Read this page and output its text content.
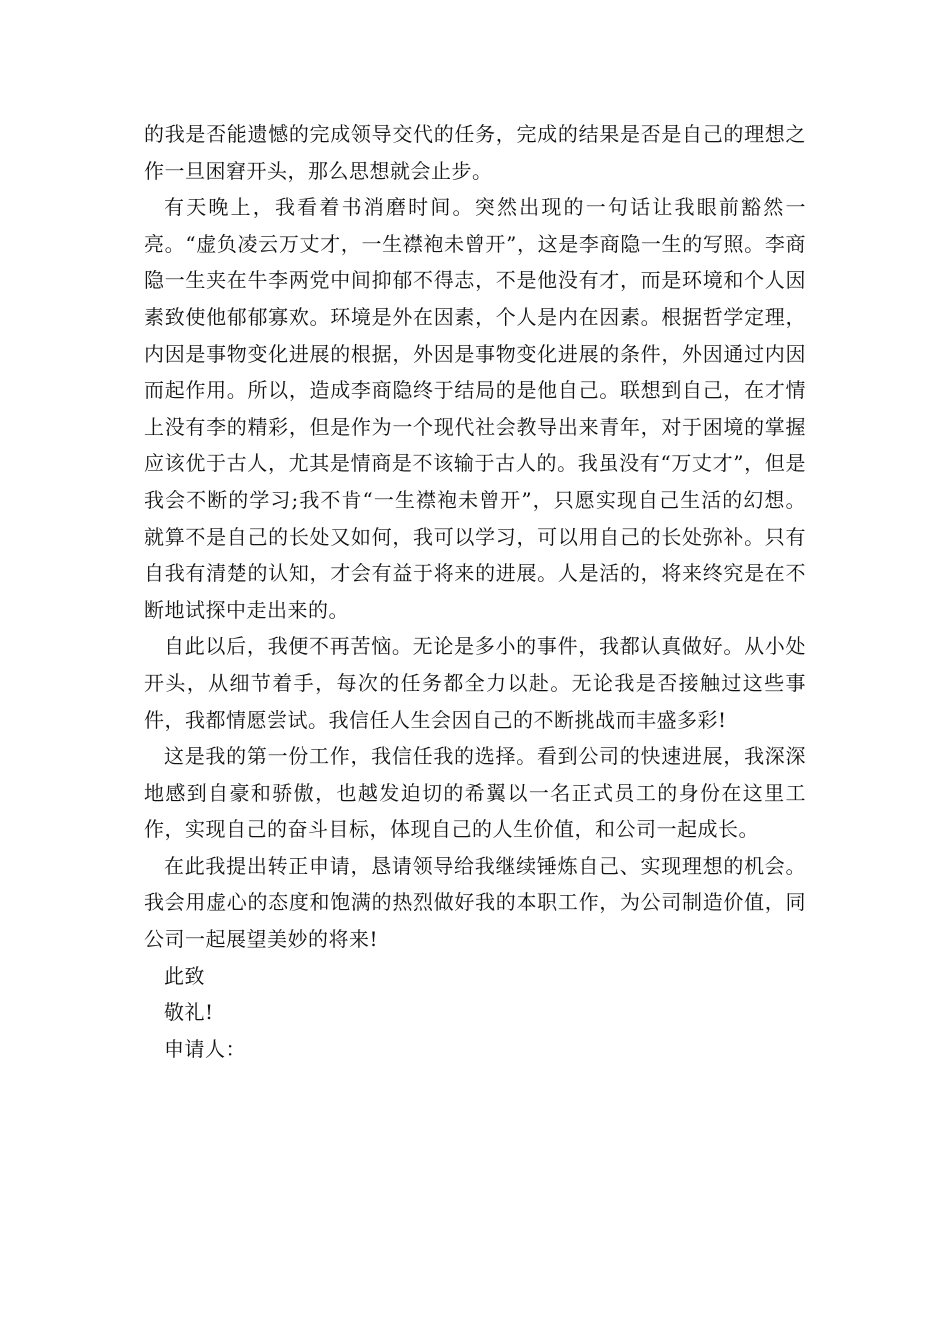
的我是否能遗憾的完成领导交代的任务，完成的结果是否是自己的理想之作一旦困窘开头，那么思想就会止步。

有天晚上，我看着书消磨时间。突然出现的一句话让我眼前豁然一亮。“虚负凌云万丈才，一生襟袍未曾开”，这是李商隐一生的写照。李商隐一生夹在牛李两党中间抑郁不得志，不是他没有才，而是环境和个人因素致使他郁郁寡欢。环境是外在因素，个人是内在因素。根据哲学定理，内因是事物变化进展的根据，外因是事物变化进展的条件，外因通过内因而起作用。所以，造成李商隐终于结局的是他自己。联想到自己，在才情上没有李的精彩，但是作为一个现代社会教导出来青年，对于困境的掌握应该优于古人，尤其是情商是不该输于古人的。我虽没有“万丈才”，但是我会不断的学习;我不肯“一生襟袍未曾开”，只愿实现自己生活的幻想。就算不是自己的长处又如何，我可以学习，可以用自己的长处弥补。只有自我有清楚的认知，才会有益于将来的进展。人是活的，将来终究是在不断地试探中走出来的。

自此以后，我便不再苦恼。无论是多小的事件，我都认真做好。从小处开头，从细节着手，每次的任务都全力以赴。无论我是否接触过这些事件，我都情愿尝试。我信任人生会因自己的不断挑战而丰盛多彩!

这是我的第一份工作，我信任我的选择。看到公司的快速进展，我深深地感到自豪和骄傲，也越发迫切的希翼以一名正式员工的身份在这里工作，实现自己的奋斗目标，体现自己的人生价值，和公司一起成长。

在此我提出转正申请，恳请领导给我继续锤炼自己、实现理想的机会。我会用虚心的态度和饱满的热烈做好我的本职工作，为公司制造价值，同公司一起展望美妙的将来!

此致

敬礼!

申请人：
